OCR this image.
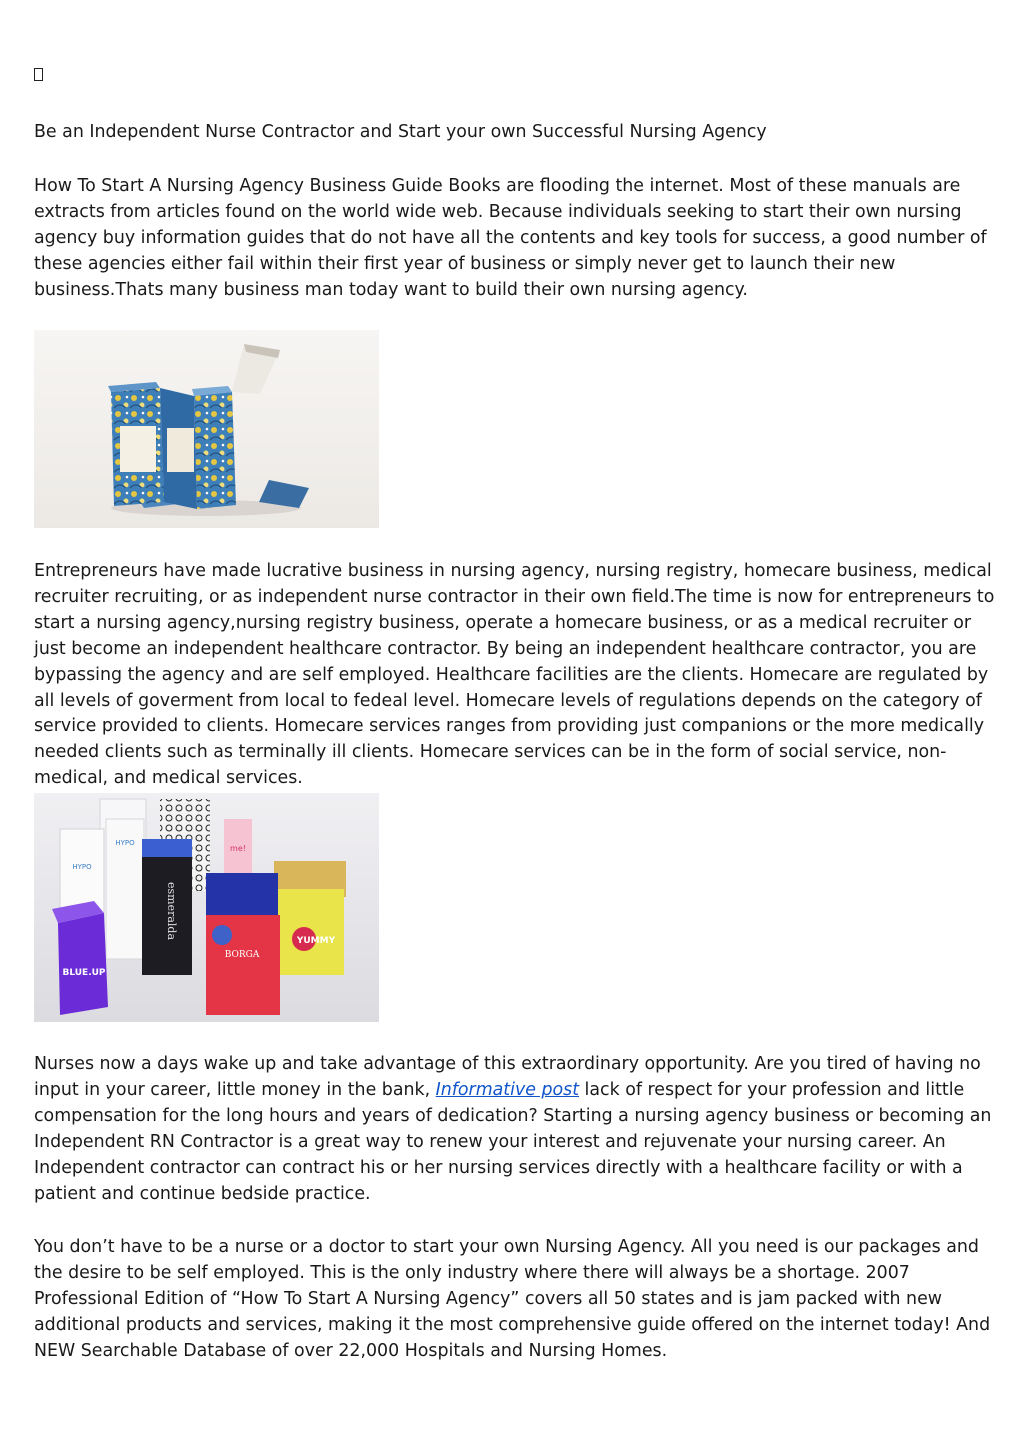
Be an Independent Nurse Contractor and Start your own Successful Nursing Agency

How To Start A Nursing Agency Business Guide Books are flooding the internet. Most of these manuals are extracts from articles found on the world wide web. Because individuals seeking to start their own nursing agency buy information guides that do not have all the contents and key tools for success, a good number of these agencies either fail within their first year of business or simply never get to launch their new business.Thats many business man today want to build their own nursing agency.

Entrepreneurs have made lucrative business in nursing agency, nursing registry, homecare business, medical recruiter recruiting, or as independent nurse contractor in their own field.The time is now for entrepreneurs to start a nursing agency,nursing registry business, operate a homecare business, or as a medical recruiter or just become an independent healthcare contractor. By being an independent healthcare contractor, you are bypassing the agency and are self employed. Healthcare facilities are the clients. Homecare are regulated by all levels of goverment from local to fedeal level. Homecare levels of regulations depends on the category of service provided to clients. Homecare services ranges from providing just companions or the more medically needed clients such as terminally ill clients. Homecare services can be in the form of social service, non-medical, and medical services.

HYPO
HYPO
me!
esmeralda
YUMMY
BLUE.UP
BORGA

Nurses now a days wake up and take advantage of this extraordinary opportunity. Are you tired of having no input in your career, little money in the bank, Informative post lack of respect for your profession and little compensation for the long hours and years of dedication? Starting a nursing agency business or becoming an Independent RN Contractor is a great way to renew your interest and rejuvenate your nursing career. An Independent contractor can contract his or her nursing services directly with a healthcare facility or with a patient and continue bedside practice.

You don’t have to be a nurse or a doctor to start your own Nursing Agency. All you need is our packages and the desire to be self employed. This is the only industry where there will always be a shortage. 2007 Professional Edition of “How To Start A Nursing Agency” covers all 50 states and is jam packed with new additional products and services, making it the most comprehensive guide offered on the internet today! And NEW Searchable Database of over 22,000 Hospitals and Nursing Homes.
